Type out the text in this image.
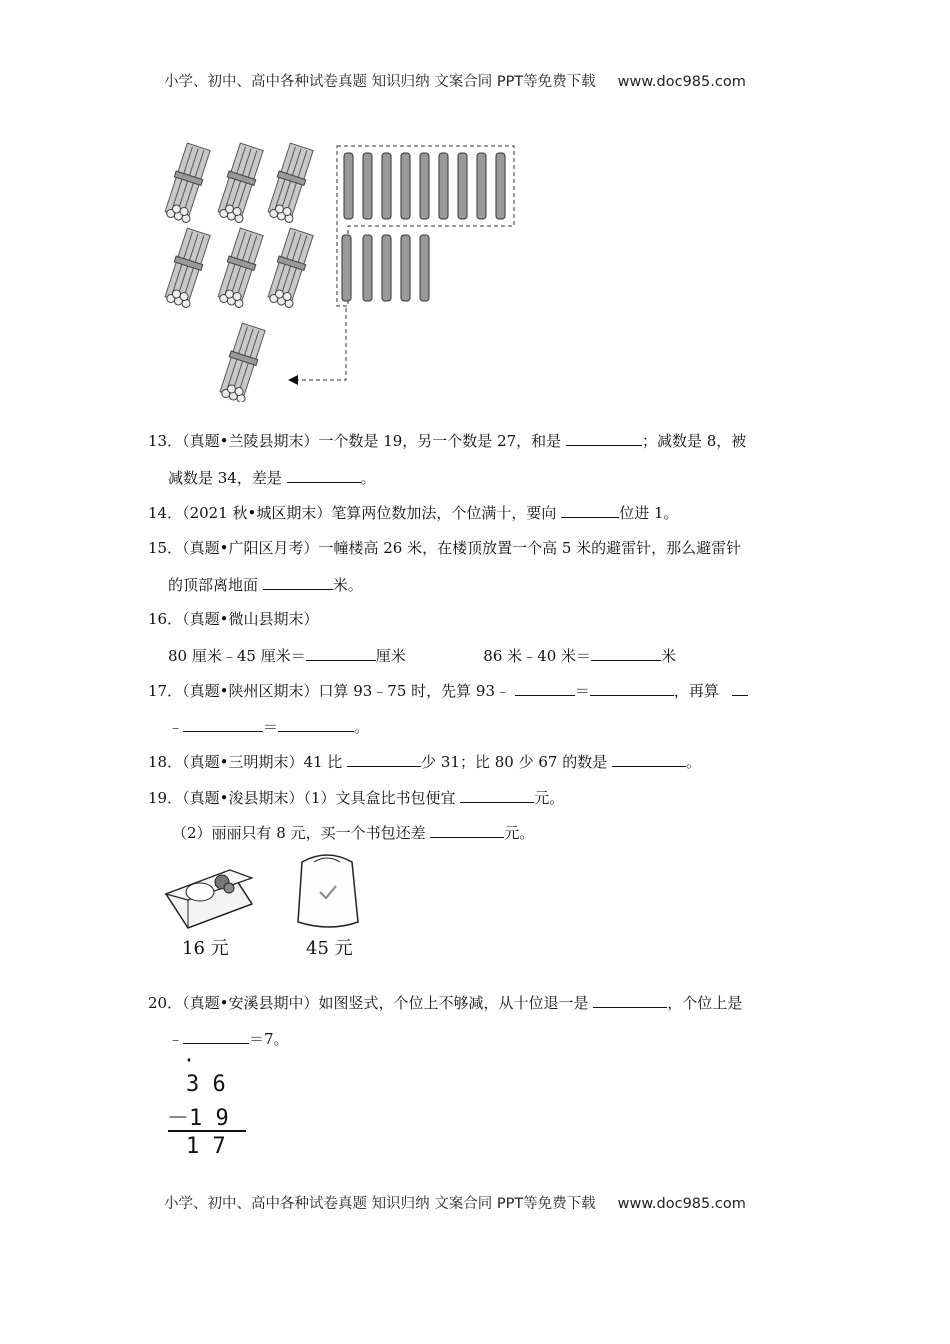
小学、初中、高中各种试卷真题 知识归纳 文案合同 PPT等免费下载 www.doc985.com
13．（真题•兰陵县期末）一个数是 19，另一个数是 27，和是	；减数是 8，被
减数是 34，差是	。
14．（2021 秋•城区期末）笔算两位数加法，个位满十，要向	位进 1。
15．（真题•广阳区月考）一幢楼高 26 米，在楼顶放置一个高 5 米的避雷针，那么避雷针
的顶部离地面	米。
16．（真题•微山县期末）
80 厘米﹣45 厘米＝	厘米	86 米﹣40 米＝	米
17．（真题•陕州区期末）口算 93﹣75 时，先算 93﹣	＝	，再算
﹣	＝	。
18．（真题•三明期末）41 比	少 31；比 80 少 67 的数是	。
19．（真题•浚县期末）（1）文具盒比书包便宜	元。
（2）丽丽只有 8 元，买一个书包还差	元。
16 元	45 元
20．（真题•安溪县期中）如图竖式，个位上不够减，从十位退一是	，个位上是
﹣	＝7。
·
3 6
－1 9
1 7
小学、初中、高中各种试卷真题 知识归纳 文案合同 PPT等免费下载 www.doc985.com
